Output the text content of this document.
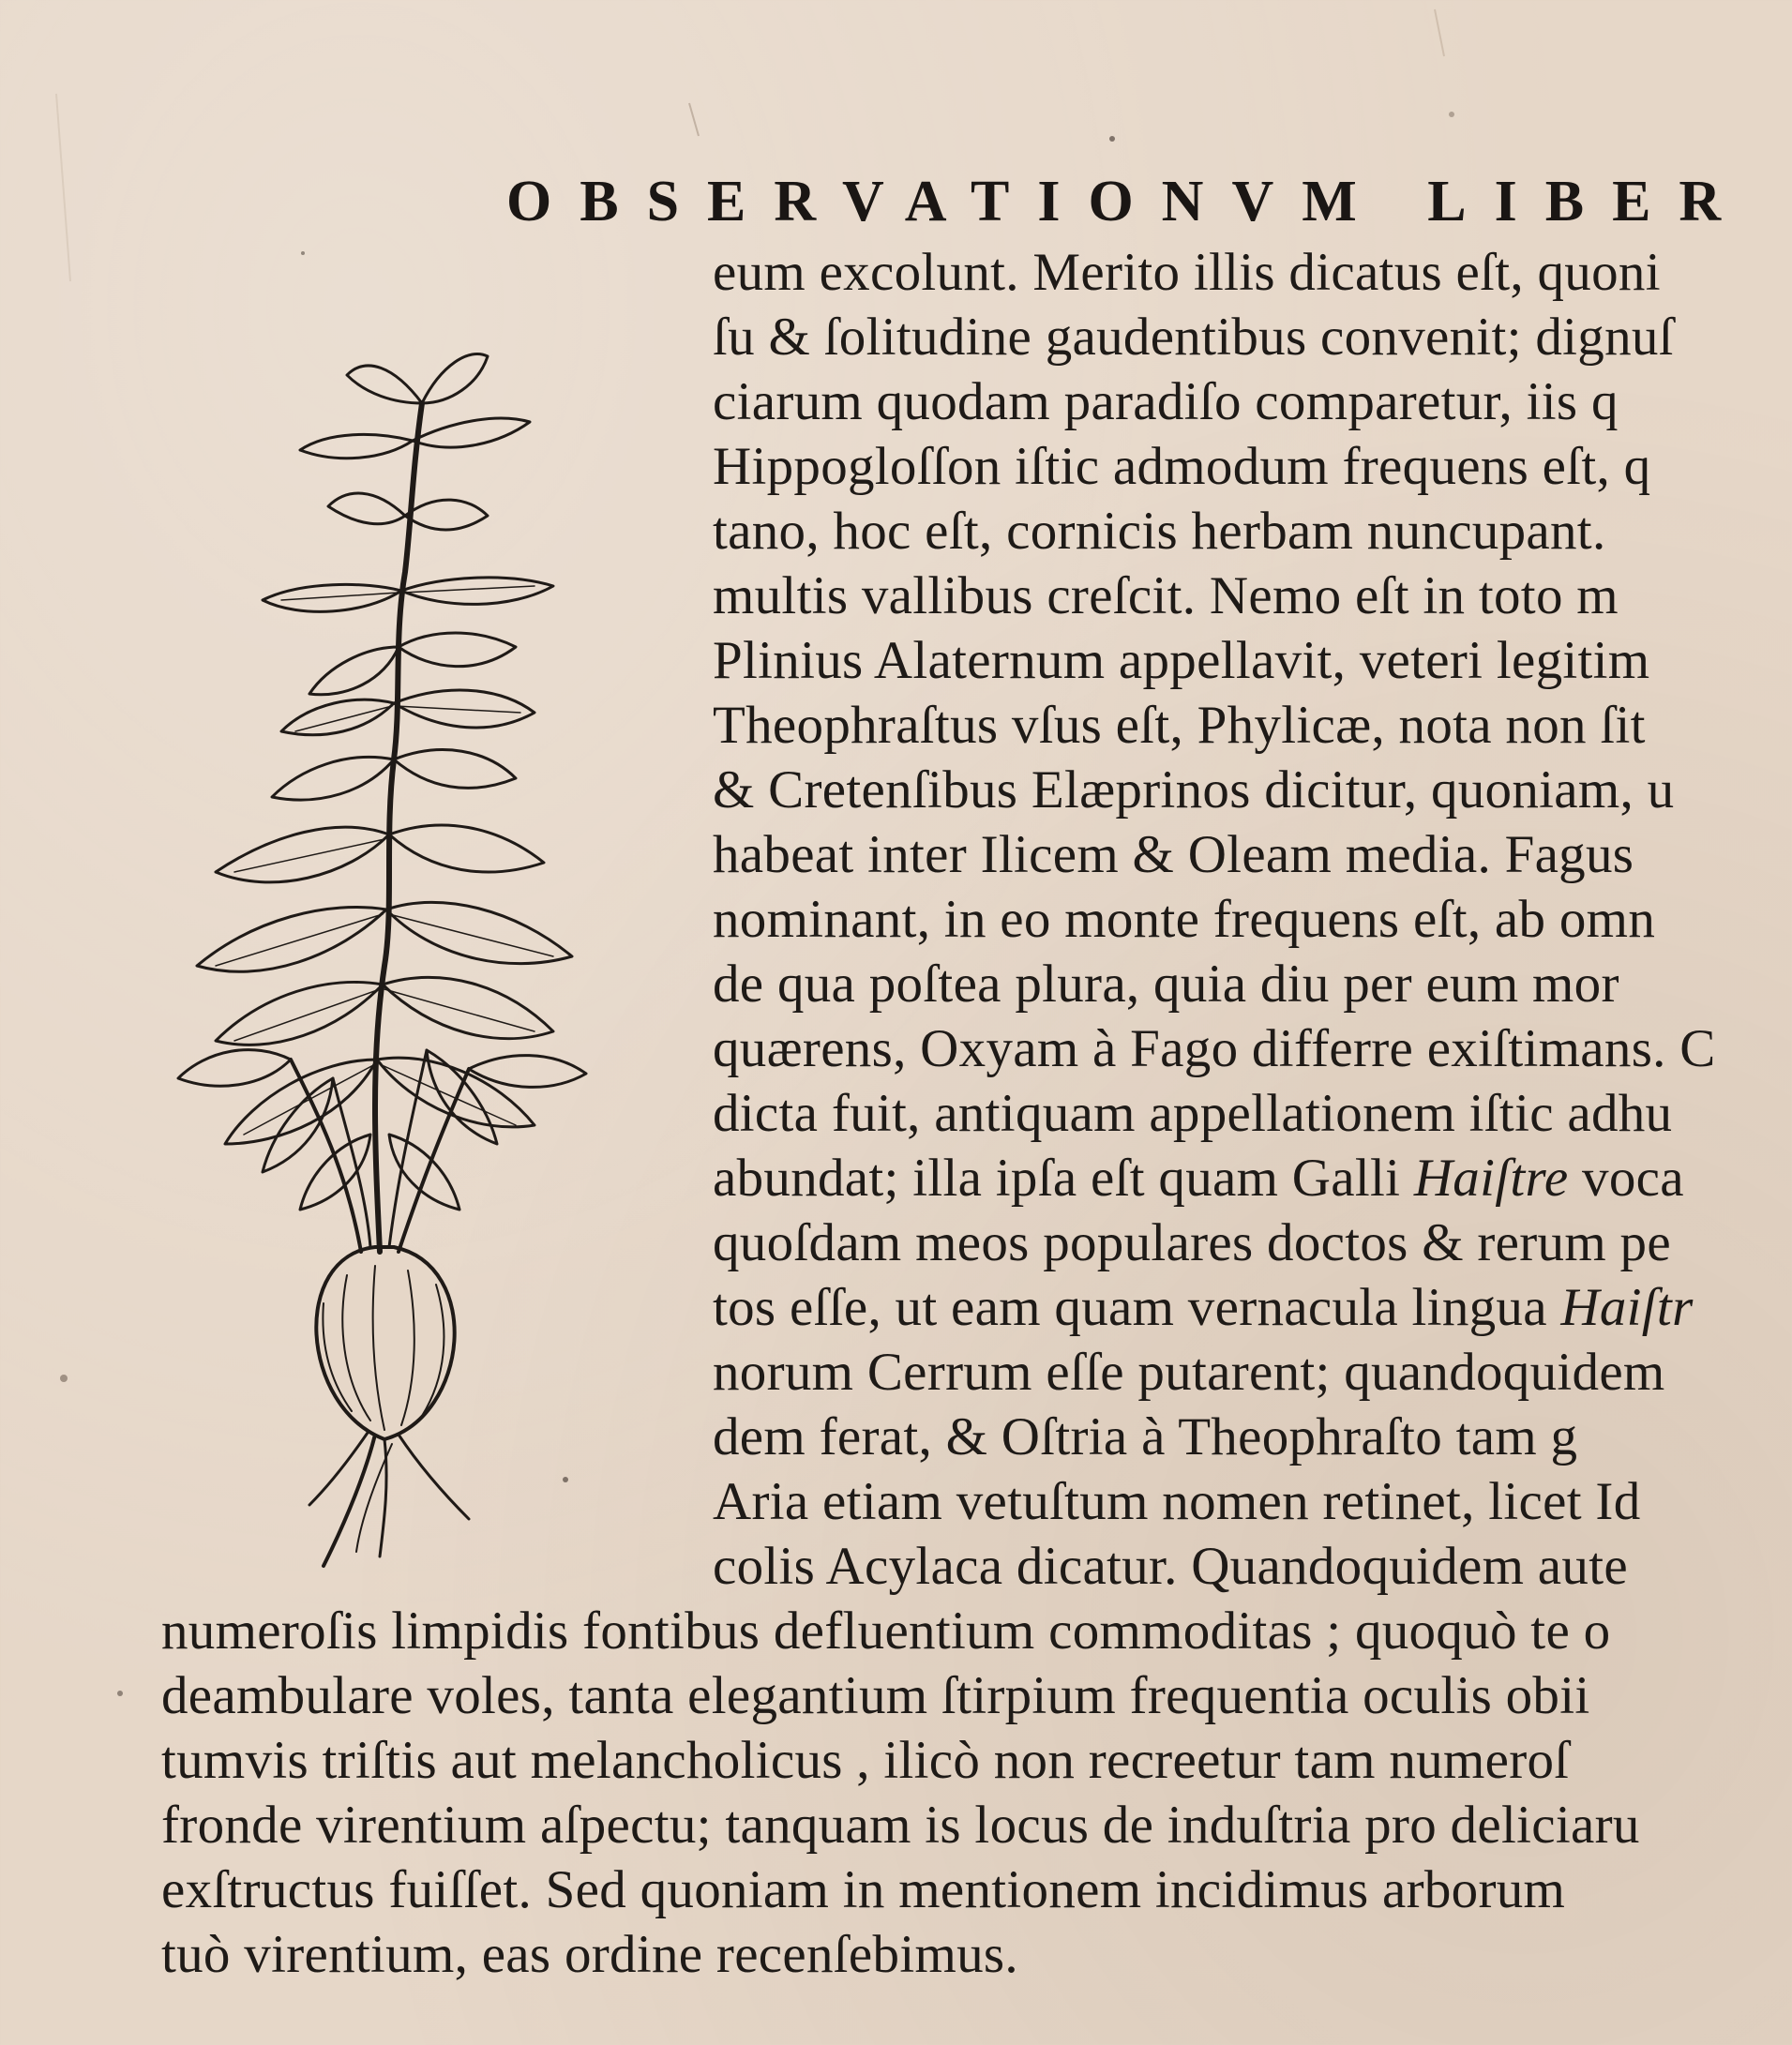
OBSERVATIONVM LIBER
eum excolunt. Merito illis dicatus eſt, quoni
ſu & ſolitudine gaudentibus convenit; dignuſ
ciarum quodam paradiſo comparetur, iis q
Hippogloſſon iſtic admodum frequens eſt, q
tano, hoc eſt, cornicis herbam nuncupant.
multis vallibus creſcit. Nemo eſt in toto m
Plinius Alaternum appellavit, veteri legitim
Theophraſtus vſus eſt, Phylicæ, nota non ſit
& Cretenſibus Elæprinos dicitur, quoniam, u
habeat inter Ilicem & Oleam media. Fagus
nominant, in eo monte frequens eſt, ab omn
de qua poſtea plura, quia diu per eum mor
quærens, Oxyam à Fago differre exiſtimans. C
dicta fuit, antiquam appellationem iſtic adhu
abundat; illa ipſa eſt quam Galli Haiſtre voca
quoſdam meos populares doctos & rerum pe
tos eſſe, ut eam quam vernacula lingua Haiſtr
norum Cerrum eſſe putarent; quandoquidem
dem ferat, & Oſtria à Theophraſto tam g
Aria etiam vetuſtum nomen retinet, licet Id
colis Acylaca dicatur. Quandoquidem aute
numeroſis limpidis fontibus defluentium commoditas ; quoquò te o
deambulare voles, tanta elegantium ſtirpium frequentia oculis obii
tumvis triſtis aut melancholicus , ilicò non recreetur tam numeroſ
fronde virentium aſpectu; tanquam is locus de induſtria pro deliciaru
exſtructus fuiſſet. Sed quoniam in mentionem incidimus arborum
tuò virentium, eas ordine recenſebimus.
